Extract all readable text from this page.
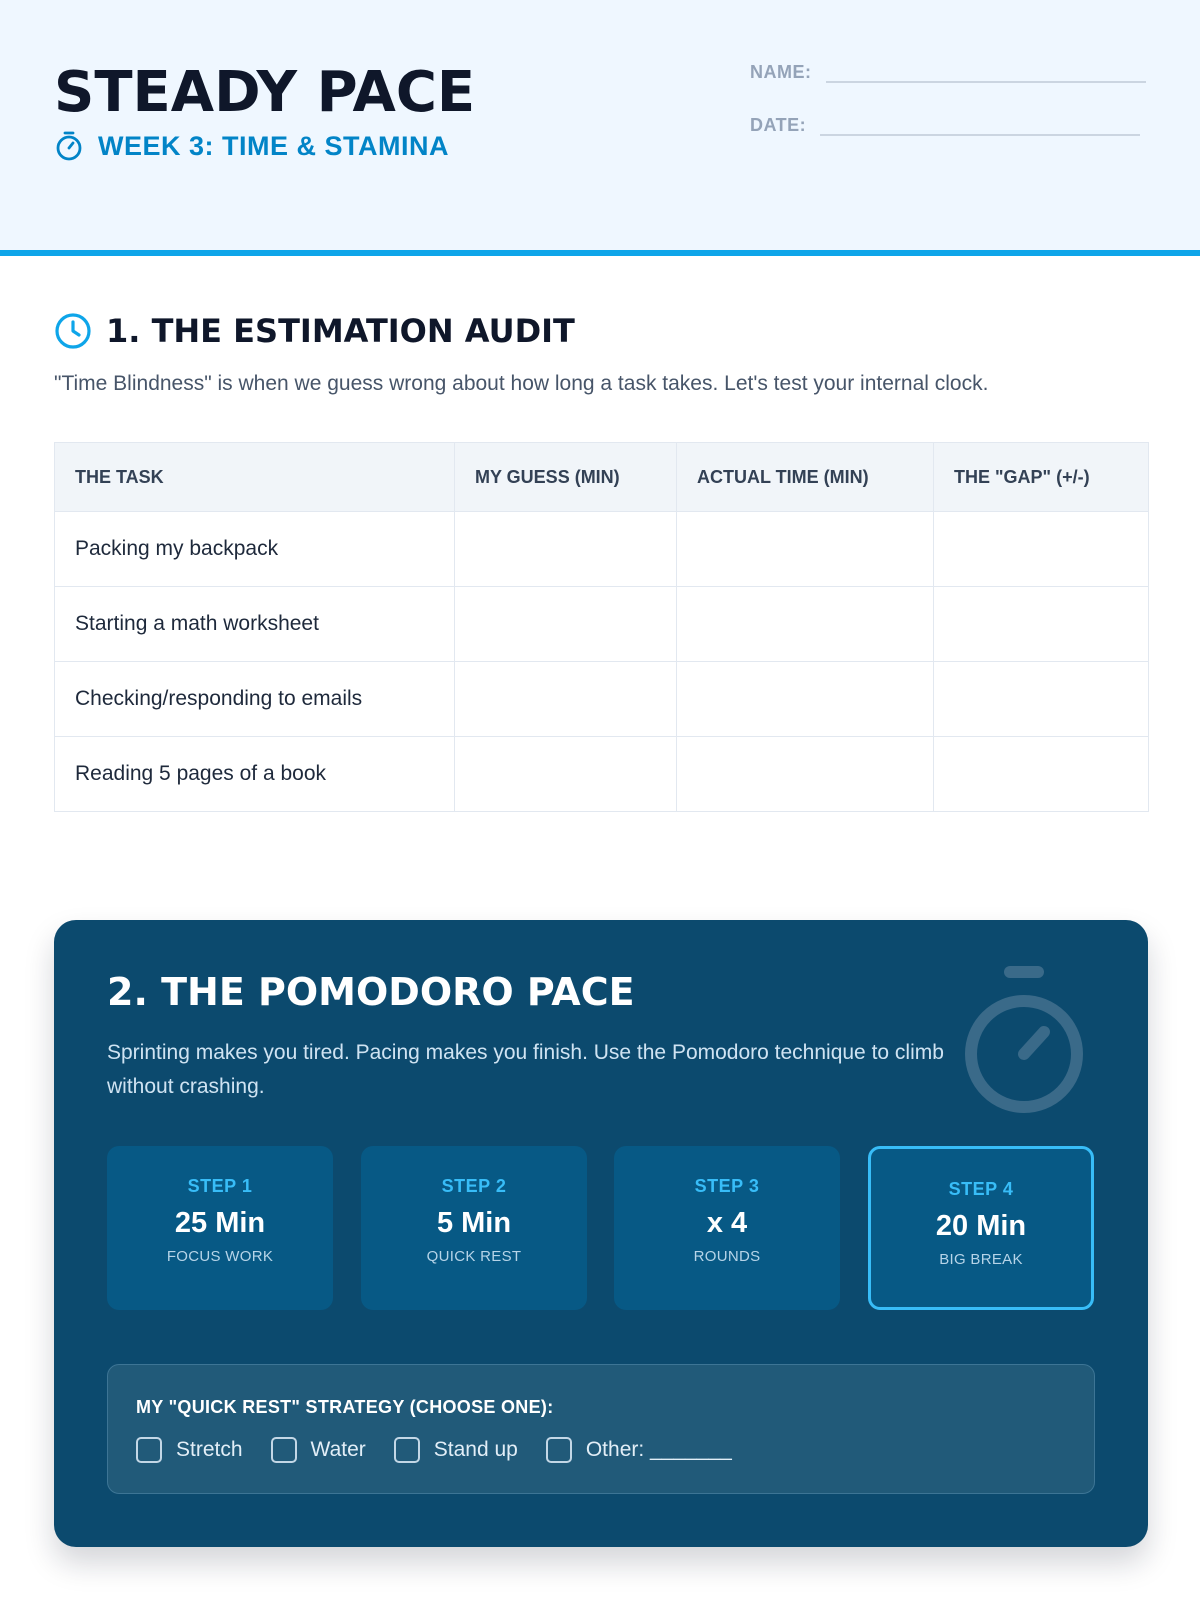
STEADY PACE
WEEK 3: TIME & STAMINA
NAME:
DATE:
1. THE ESTIMATION AUDIT

"Time Blindness" is when we guess wrong about how long a task takes. Let's test your internal clock.

THE TASK	MY GUESS (MIN)	ACTUAL TIME (MIN)	THE "GAP" (+/-)
Packing my backpack			
Starting a math worksheet			
Checking/responding to emails			
Reading 5 pages of a book			
2. THE POMODORO PACE

Sprinting makes you tired. Pacing makes you finish. Use the Pomodoro technique to climb without crashing.

STEP 1
25 Min
FOCUS WORK
STEP 2
5 Min
QUICK REST
STEP 3
x 4
ROUNDS
STEP 4
20 Min
BIG BREAK
MY "QUICK REST" STRATEGY (CHOOSE ONE):
Stretch	Water	Stand up	Other: _______
